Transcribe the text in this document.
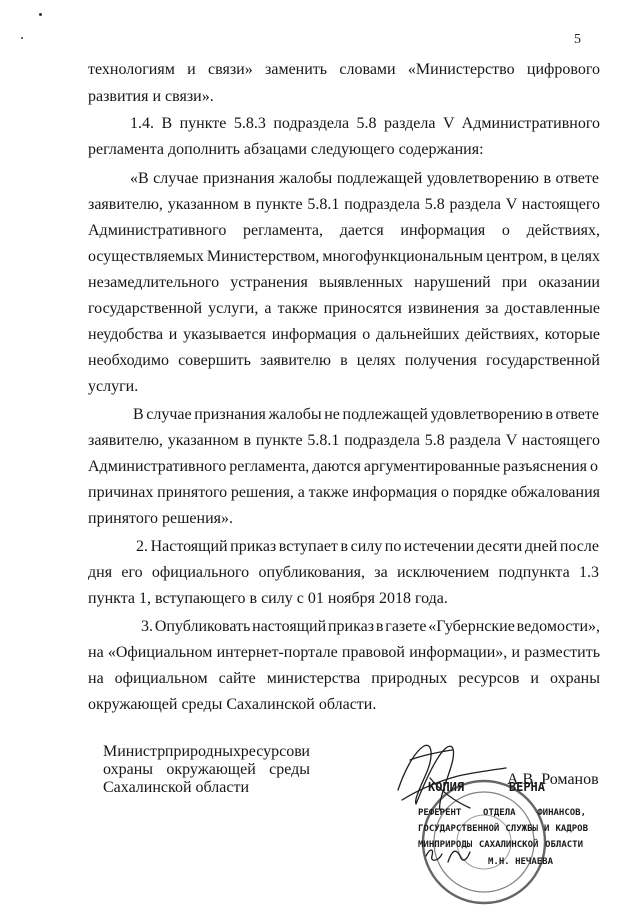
5
технологиям и связи» заменить словами «Министерство цифрового
развития и связи».
1.4. В пункте 5.8.3 подраздела 5.8 раздела V Административного
регламента дополнить абзацами следующего содержания:
«В случае признания жалобы подлежащей удовлетворению в ответе
заявителю, указанном в пункте 5.8.1 подраздела 5.8 раздела V настоящего
Административного регламента, дается информация о действиях,
осуществляемых Министерством, многофункциональным центром, в целях
незамедлительного устранения выявленных нарушений при оказании
государственной услуги, а также приносятся извинения за доставленные
неудобства и указывается информация о дальнейших действиях, которые
необходимо совершить заявителю в целях получения государственной
услуги.
В случае признания жалобы не подлежащей удовлетворению в ответе
заявителю, указанном в пункте 5.8.1 подраздела 5.8 раздела V настоящего
Административного регламента, даются аргументированные разъяснения о
причинах принятого решения, а также информация о порядке обжалования
принятого решения».
2. Настоящий приказ вступает в силу по истечении десяти дней после
дня его официального опубликования, за исключением подпункта 1.3
пункта 1, вступающего в силу с 01 ноября 2018 года.
3. Опубликовать настоящий приказ в газете «Губернские ведомости»,
на «Официальном интернет-портале правовой информации», и разместить
на официальном сайте министерства природных ресурсов и охраны
окружающей среды Сахалинской области.
Министр природных ресурсов и
охраны окружающей среды
Сахалинской области	А.В. Романов
КОПИЯ ВЕРНА
РЕФЕРЕНТ ОТДЕЛА ФИНАНСОВ,
ГОСУДАРСТВЕННОЙ СЛУЖБЫ И КАДРОВ
МИНПРИРОДЫ САХАЛИНСКОЙ ОБЛАСТИ
М.Н. НЕЧАЕВА
